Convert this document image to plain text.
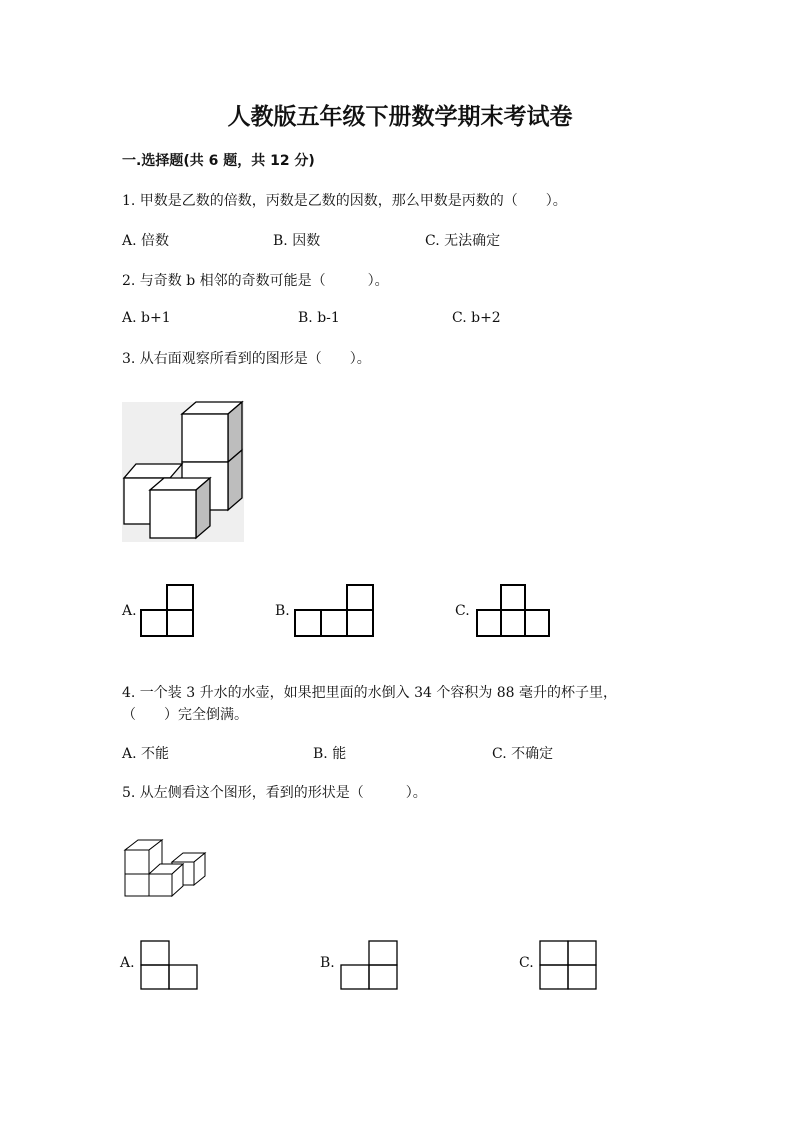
人教版五年级下册数学期末考试卷
一.选择题(共 6 题，共 12 分)
1. 甲数是乙数的倍数，丙数是乙数的因数，那么甲数是丙数的（　　）。
A. 倍数	B. 因数	C. 无法确定
2. 与奇数 b 相邻的奇数可能是（　　　）。
A. b+1	B. b-1	C. b+2
3. 从右面观察所看到的图形是（　　）。
A.	B.	C.
4. 一个装 3 升水的水壶，如果把里面的水倒入 34 个容积为 88 毫升的杯子里，
（　　）完全倒满。
A. 不能	B. 能	C. 不确定
5. 从左侧看这个图形，看到的形状是（　　　）。
A.	B.	C.
